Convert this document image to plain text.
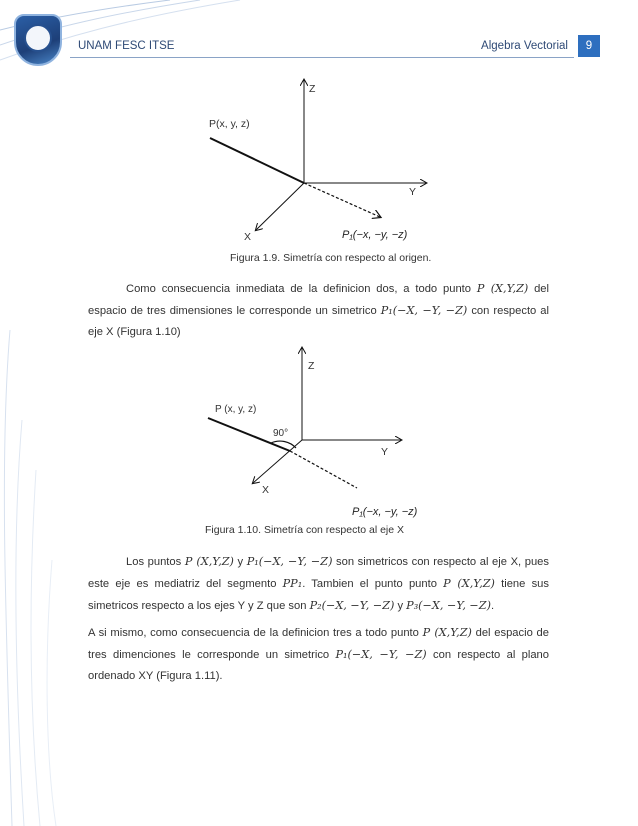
UNAM FESC ITSE	Algebra Vectorial	9
Z
Y
X
P(x, y, z)
P₁(−x, −y, −z)
Figura 1.9. Simetría con respecto al origen.
Como consecuencia inmediata de la definicion dos, a todo punto P (X,Y,Z) del espacio de tres dimensiones le corresponde un simetrico P₁(−X, −Y, −Z) con respecto al eje X (Figura 1.10)
Z
Y
X
P (x, y, z)
90°
P₁(−x, −y, −z)
Figura 1.10. Simetría con respecto al eje X
Los puntos P (X,Y,Z) y P₁(−X, −Y, −Z) son simetricos con respecto al eje X, pues este eje es mediatriz del segmento PP₁. Tambien el punto punto P (X,Y,Z) tiene sus simetricos respecto a los ejes Y y Z que son P₂(−X, −Y, −Z) y P₃(−X, −Y, −Z).
A si mismo, como consecuencia de la definicion tres a todo punto P (X,Y,Z) del espacio de tres dimenciones le corresponde un simetrico P₁(−X, −Y, −Z) con respecto al plano ordenado XY (Figura 1.11).
